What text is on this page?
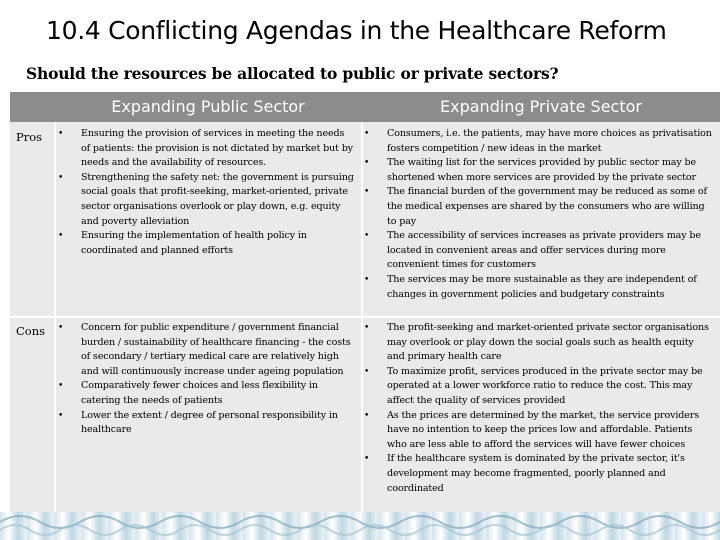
10.4 Conflicting Agendas in the Healthcare Reform
Should the resources be allocated to public or private sectors?
Expanding Public Sector	Expanding Private Sector
Pros • Ensuring the provision of services in meeting the needs of patients: the provision is not dictated by market but by needs and the availability of resources.
• Strengthening the safety net: the government is pursuing social goals that profit-seeking, market-oriented, private sector organisations overlook or play down, e.g. equity and poverty alleviation
• Ensuring the implementation of health policy in coordinated and planned efforts
• Consumers, i.e. the patients, may have more choices as privatisation fosters competition / new ideas in the market
• The waiting list for the services provided by public sector may be shortened when more services are provided by the private sector
• The financial burden of the government may be reduced as some of the medical expenses are shared by the consumers who are willing to pay
• The accessibility of services increases as private providers may be located in convenient areas and offer services during more convenient times for customers
• The services may be more sustainable as they are independent of changes in government policies and budgetary constraints
Cons • Concern for public expenditure / government financial burden / sustainability of healthcare financing - the costs of secondary / tertiary medical care are relatively high and will continuously increase under ageing population
• Comparatively fewer choices and less flexibility in catering the needs of patients
• Lower the extent / degree of personal responsibility in healthcare
• The profit-seeking and market-oriented private sector organisations may overlook or play down the social goals such as health equity and primary health care
• To maximize profit, services produced in the private sector may be operated at a lower workforce ratio to reduce the cost. This may affect the quality of services provided
• As the prices are determined by the market, the service providers have no intention to keep the prices low and affordable. Patients who are less able to afford the services will have fewer choices
• If the healthcare system is dominated by the private sector, it's development may become fragmented, poorly planned and coordinated
